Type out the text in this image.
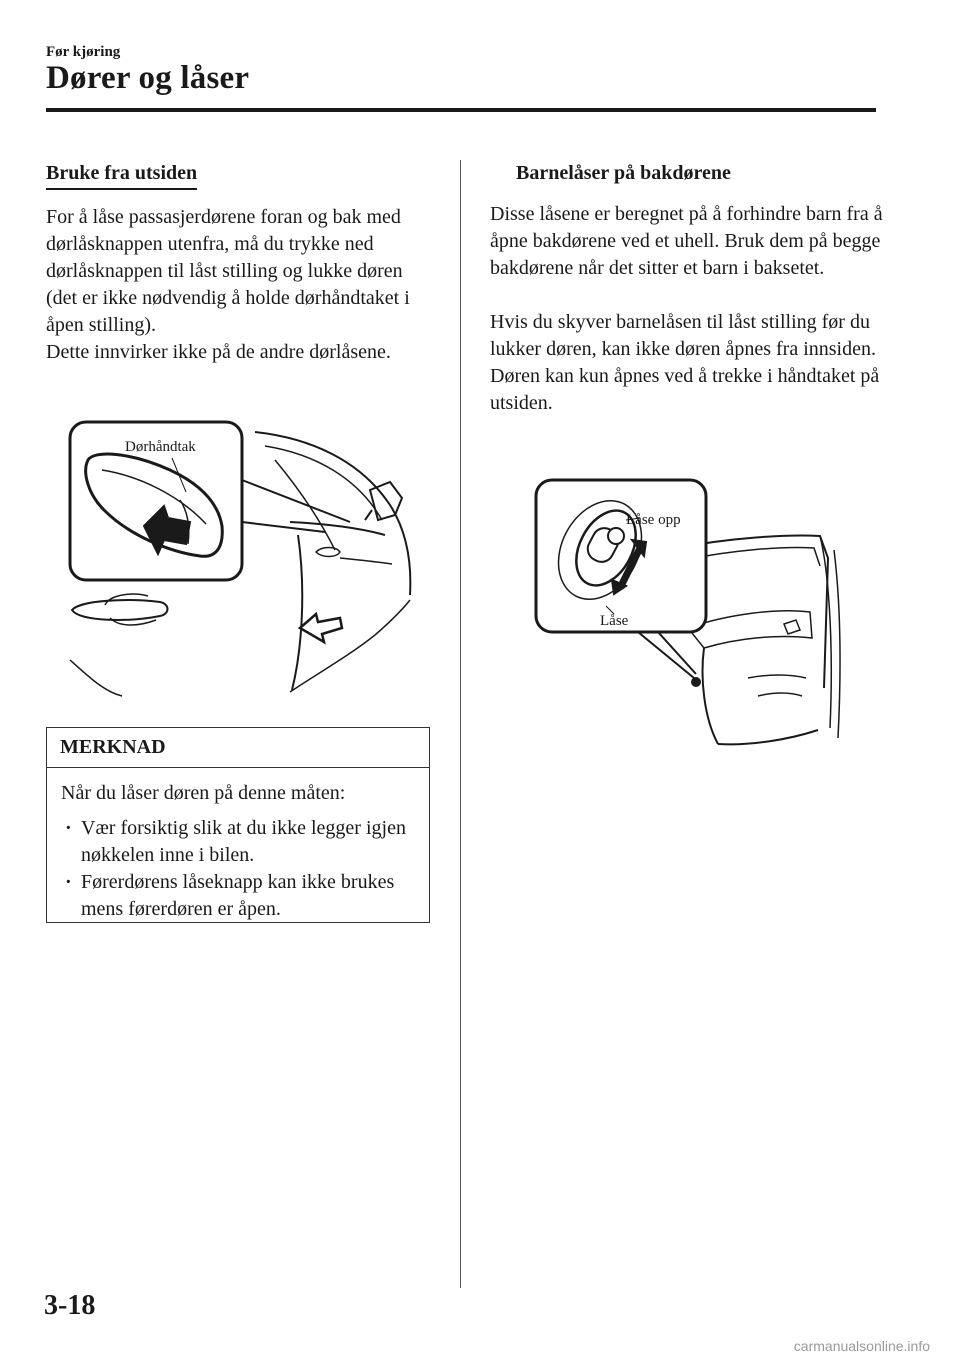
Før kjøring
Dører og låser
Bruke fra utsiden

For å låse passasjerdørene foran og bak med dørlåsknappen utenfra, må du trykke ned dørlåsknappen til låst stilling og lukke døren (det er ikke nødvendig å holde dørhåndtaket i åpen stilling).

Dette innvirker ikke på de andre dørlåsene.

Dørhåndtak
MERKNAD

Når du låser døren på denne måten:

· Vær forsiktig slik at du ikke legger igjen nøkkelen inne i bilen.
· Førerdørens låseknapp kan ikke brukes mens førerdøren er åpen.
Barnelåser på bakdørene

Disse låsene er beregnet på å forhindre barn fra å åpne bakdørene ved et uhell. Bruk dem på begge bakdørene når det sitter et barn i baksetet.

Hvis du skyver barnelåsen til låst stilling før du lukker døren, kan ikke døren åpnes fra innsiden. Døren kan kun åpnes ved å trekke i håndtaket på utsiden.

Låse opp
Låse
3-18
carmanualsonline.info
